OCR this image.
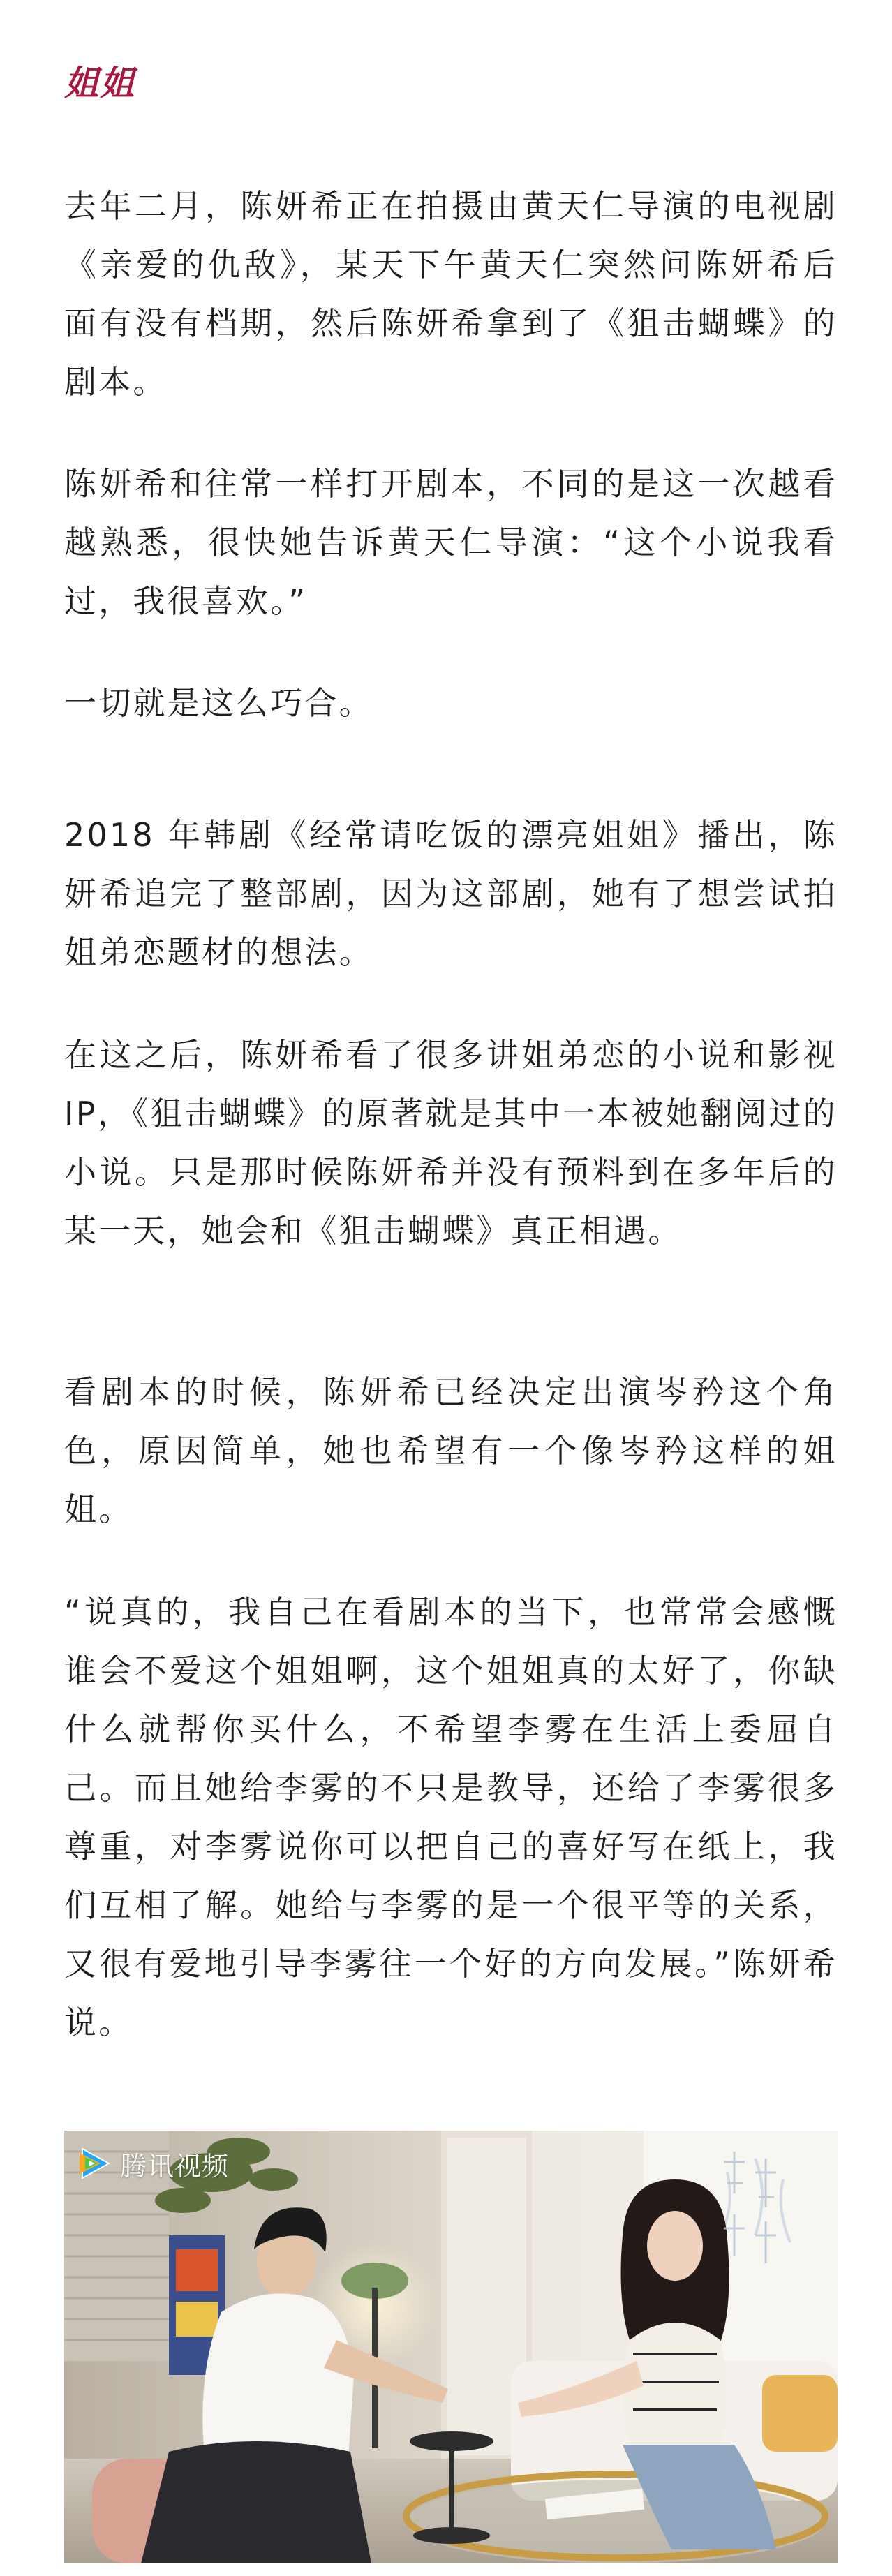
姐姐

去年二月，陈妍希正在拍摄由黄天仁导演的电视剧《亲爱的仇敌》，某天下午黄天仁突然问陈妍希后面有没有档期，然后陈妍希拿到了《狙击蝴蝶》的剧本。

陈妍希和往常一样打开剧本，不同的是这一次越看越熟悉，很快她告诉黄天仁导演：“这个小说我看过，我很喜欢。”

一切就是这么巧合。

2018 年韩剧《经常请吃饭的漂亮姐姐》播出，陈妍希追完了整部剧，因为这部剧，她有了想尝试拍姐弟恋题材的想法。

在这之后，陈妍希看了很多讲姐弟恋的小说和影视 IP，《狙击蝴蝶》的原著就是其中一本被她翻阅过的小说。只是那时候陈妍希并没有预料到在多年后的某一天，她会和《狙击蝴蝶》真正相遇。

看剧本的时候，陈妍希已经决定出演岑矜这个角色，原因简单，她也希望有一个像岑矜这样的姐姐。

“说真的，我自己在看剧本的当下，也常常会感慨谁会不爱这个姐姐啊，这个姐姐真的太好了，你缺什么就帮你买什么，不希望李雾在生活上委屈自己。而且她给李雾的不只是教导，还给了李雾很多尊重，对李雾说你可以把自己的喜好写在纸上，我们互相了解。她给与李雾的是一个很平等的关系，又很有爱地引导李雾往一个好的方向发展。”陈妍希说。

腾讯视频
